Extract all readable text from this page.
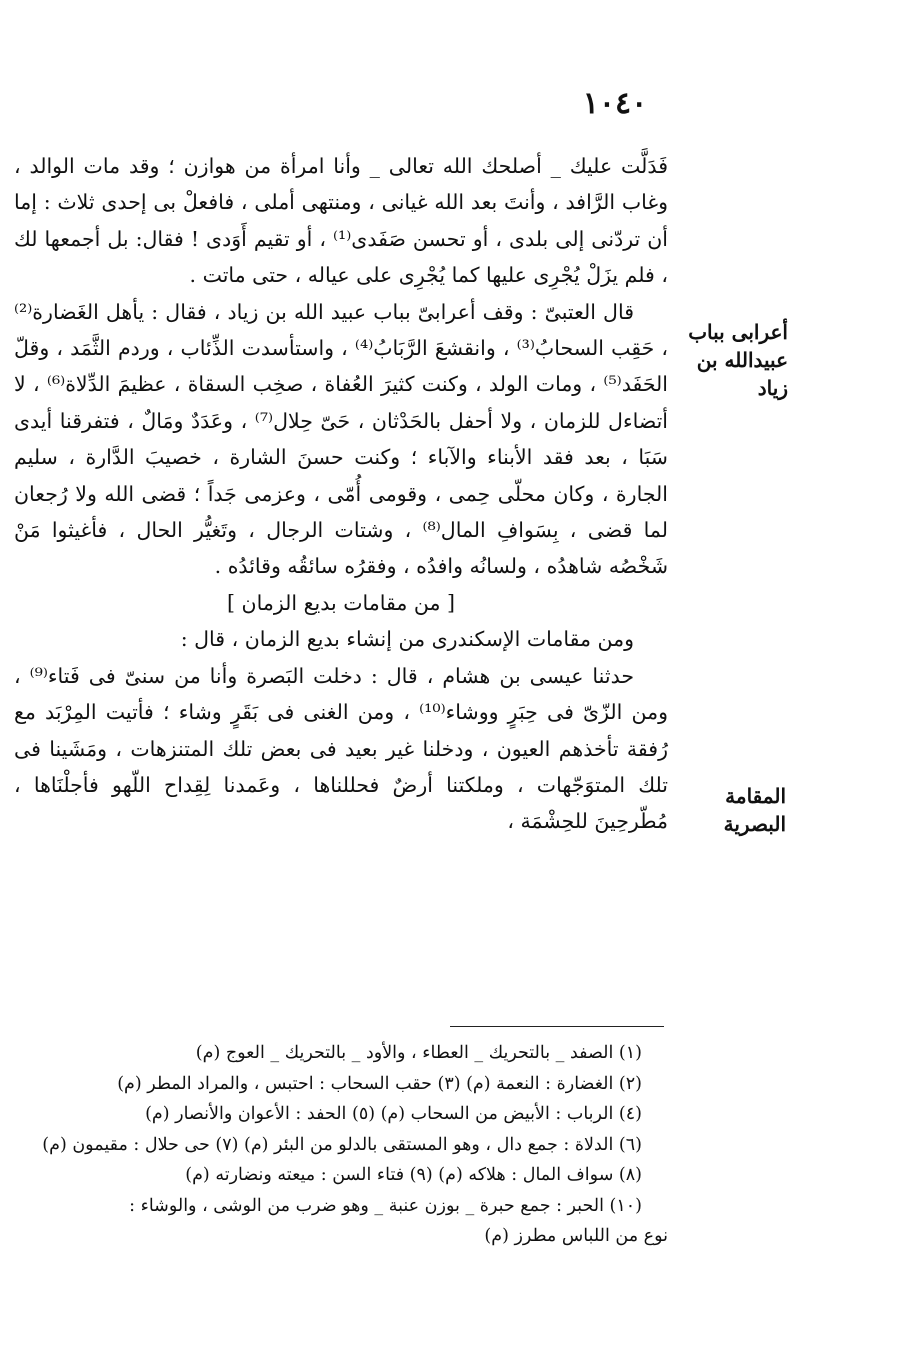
١٠٤٠
أعرابى بباب عبيدالله بن زياد
المقامة البصرية

فَدَلَّت عليك _ أصلحك الله تعالى _ وأنا امرأة من هوازن ؛ وقد مات الوالد ، وغاب الرَّافد ، وأنتَ بعد الله غيانى ، ومنتهى أملى ، فافعلْ بى إحدى ثلاث : إما أن تردّنى إلى بلدى ، أو تحسن صَفَدى⁽¹⁾ ، أو تقيم أَوَدى ! فقال: بل أجمعها لك ، فلم يزَلْ يُجْرِى عليها كما يُجْرِى على عياله ، حتى ماتت .

قال العتبىّ : وقف أعرابىّ بباب عبيد الله بن زياد ، فقال : يأهل الغَضارة⁽²⁾ ، حَقِب السحابُ⁽³⁾ ، وانقشعَ الرَّبَابُ⁽⁴⁾ ، واستأسدت الذِّئاب ، وردم الثَّمَد ، وقلّ الحَفَد⁽⁵⁾ ، ومات الولد ، وكنت كثيرَ العُفاة ، صخِب السقاة ، عظيمَ الدِّلاة⁽⁶⁾ ، لا أتضاءل للزمان ، ولا أحفل بالحَدْثان ، حَىّ حِلال⁽⁷⁾ ، وعَدَدٌ ومَالٌ ، فتفرقنا أيدى سَبَا ، بعد فقد الأبناء والآباء ؛ وكنت حسنَ الشارة ، خصيبَ الدَّارة ، سليم الجارة ، وكان محلّى حِمى ، وقومى أُمّى ، وعزمى جَداً ؛ قضى الله ولا رُجعان لما قضى ، بِسَوافِ المال⁽⁸⁾ ، وشتات الرجال ، وتَغيُّر الحال ، فأغيثوا مَنْ شَخْصُه شاهدُه ، ولسانُه وافدُه ، وفقرُه سائقُه وقائدُه .

[ من مقامات بديع الزمان ]

ومن مقامات الإسكندرى من إنشاء بديع الزمان ، قال :

حدثنا عيسى بن هشام ، قال : دخلت البَصرة وأنا من سنىّ فى فَتاء⁽⁹⁾ ، ومن الزّىّ فى حِبَرٍ ووشاء⁽¹⁰⁾ ، ومن الغنى فى بَقَرٍ وشاء ؛ فأتيت المِرْبَد مع رُفقة تأخذهم العيون ، ودخلنا غير بعيد فى بعض تلك المتنزهات ، ومَشَينا فى تلك المتوَجّهات ، وملكتنا أرضٌ فحللناها ، وعَمدنا لِقِداح اللّهو فأجلْنَاها ، مُطّرحِينَ للحِشْمَة ،

(١) الصفد _ بالتحريك _ العطاء ، والأود _ بالتحريك _ العوج (م)

(٢) الغضارة : النعمة (م) (٣) حقب السحاب : احتبس ، والمراد المطر (م)

(٤) الرباب : الأبيض من السحاب (م) (٥) الحفد : الأعوان والأنصار (م)

(٦) الدلاة : جمع دال ، وهو المستقى بالدلو من البئر (م) (٧) حى حلال : مقيمون (م)

(٨) سواف المال : هلاكه (م) (٩) فتاء السن : ميعته ونضارته (م)

(١٠) الحبر : جمع حبرة _ بوزن عنبة _ وهو ضرب من الوشى ، والوشاء :

نوع من اللباس مطرز (م)
